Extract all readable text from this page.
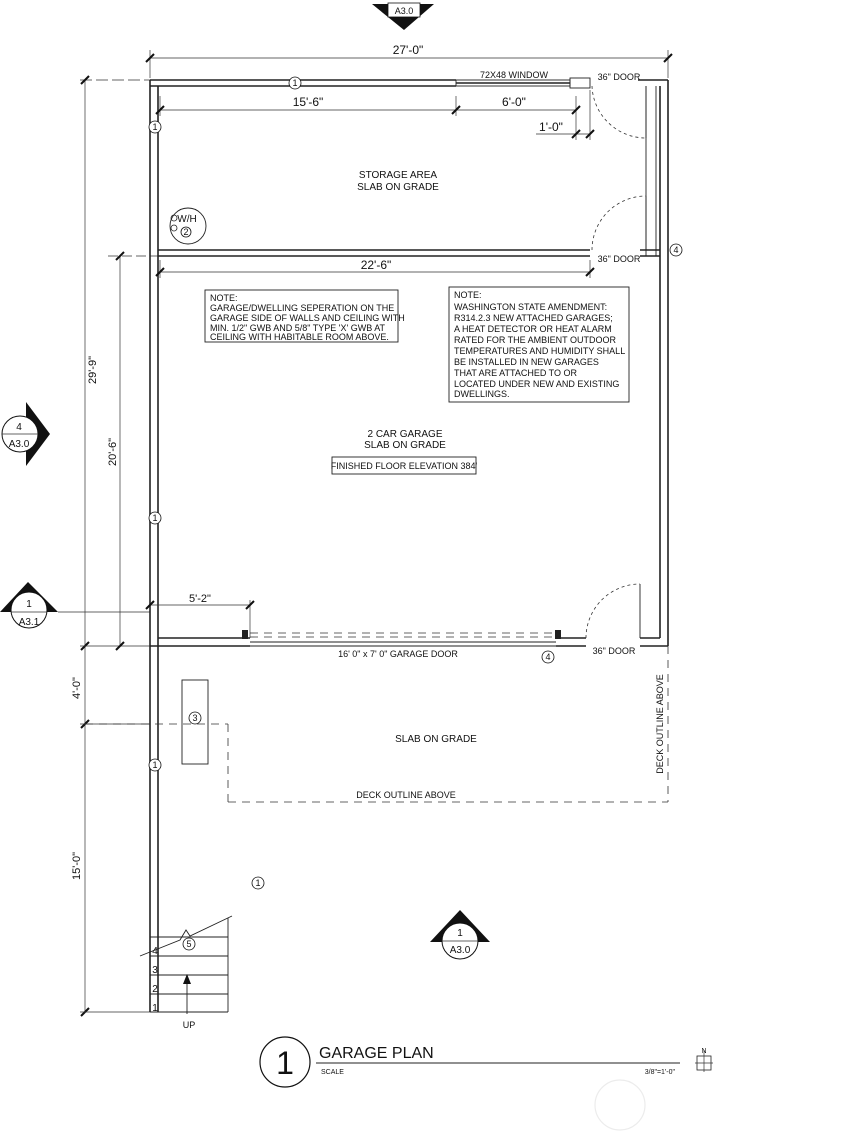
A3.0
27'-0"
29'-9"
4'-0"
15'-0"
20'-6"
4
A3.0
1
A3.1
15'-6"	6'-0"
1'-0"
22'-6"
72X48 WINDOW	36" DOOR
36" DOOR
36" DOOR
1
1
1
1
1
4
4
STORAGE AREA
SLAB ON GRADE
W/H
2
NOTE:
GARAGE/DWELLING SEPERATION ON THE
GARAGE SIDE OF WALLS AND CEILING WITH
MIN. 1/2" GWB AND 5/8" TYPE 'X' GWB AT
CEILING WITH HABITABLE ROOM ABOVE.
NOTE:
WASHINGTON STATE AMENDMENT:
R314.2.3 NEW ATTACHED GARAGES;
A HEAT DETECTOR OR HEAT ALARM
RATED FOR THE AMBIENT OUTDOOR
TEMPERATURES AND HUMIDITY SHALL
BE INSTALLED IN NEW GARAGES
THAT ARE ATTACHED TO OR
LOCATED UNDER NEW AND EXISTING
DWELLINGS.
2 CAR GARAGE
SLAB ON GRADE
FINISHED FLOOR ELEVATION 384'
5'-2"
16' 0" x 7' 0" GARAGE DOOR
DECK OUTLINE ABOVE
DECK OUTLINE ABOVE
SLAB ON GRADE
3
5
1
2
3
4
UP
1
A3.0
1 GARAGE PLAN
SCALE	3/8"=1'-0"
N
